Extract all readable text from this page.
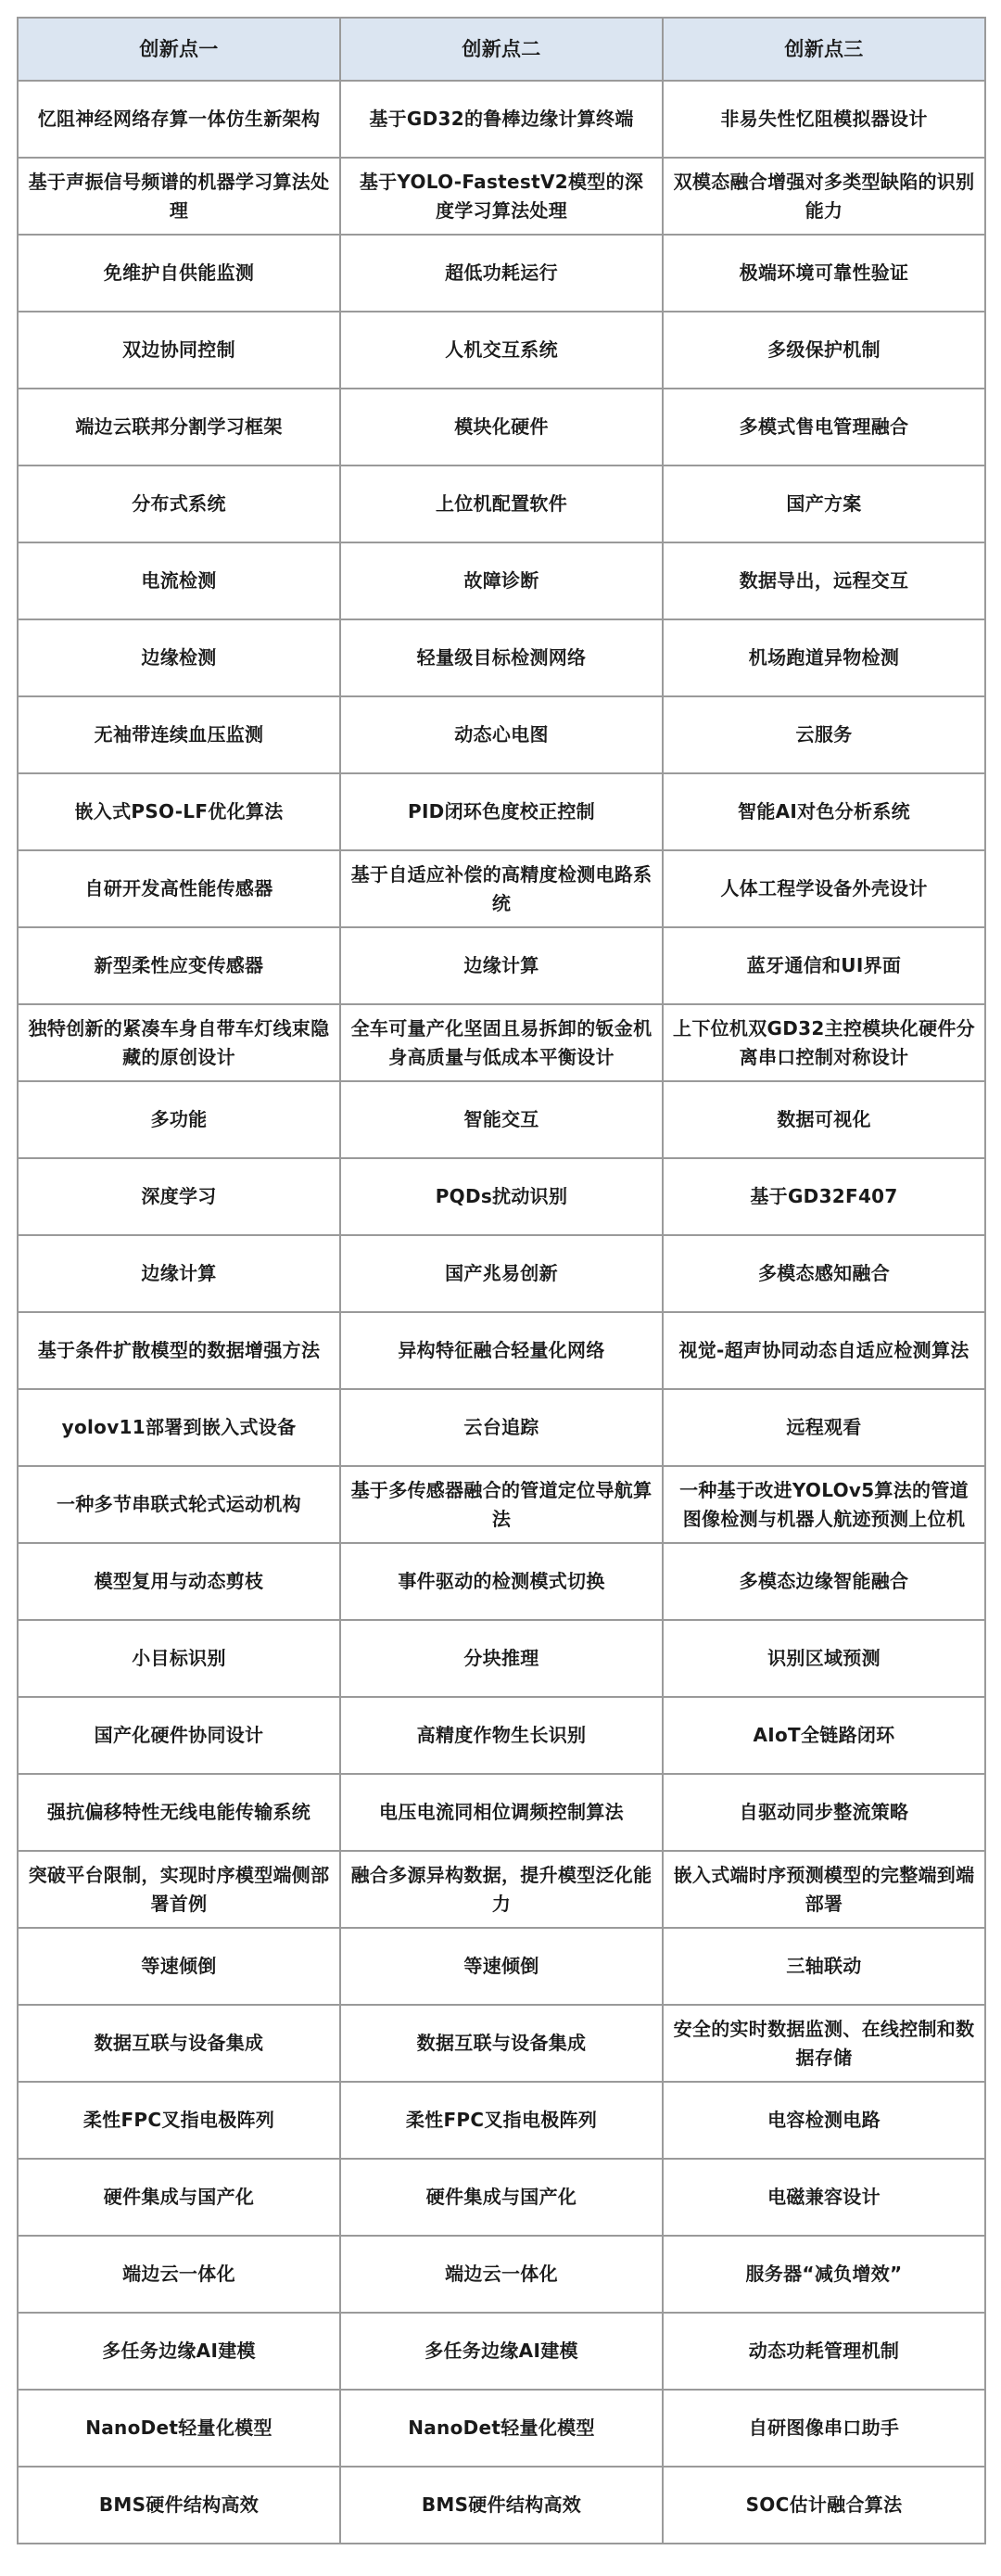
创新点一	创新点二	创新点三
忆阻神经网络存算一体仿生新架构	基于GD32的鲁棒边缘计算终端	非易失性忆阻模拟器设计
基于声振信号频谱的机器学习算法处理	基于YOLO-FastestV2模型的深度学习算法处理	双模态融合增强对多类型缺陷的识别能力
免维护自供能监测	超低功耗运行	极端环境可靠性验证
双边协同控制	人机交互系统	多级保护机制
端边云联邦分割学习框架	模块化硬件	多模式售电管理融合
分布式系统	上位机配置软件	国产方案
电流检测	故障诊断	数据导出，远程交互
边缘检测	轻量级目标检测网络	机场跑道异物检测
无袖带连续血压监测	动态心电图	云服务
嵌入式PSO-LF优化算法	PID闭环色度校正控制	智能AI对色分析系统
自研开发高性能传感器	基于自适应补偿的高精度检测电路系统	人体工程学设备外壳设计
新型柔性应变传感器	边缘计算	蓝牙通信和UI界面
独特创新的紧凑车身自带车灯线束隐藏的原创设计	全车可量产化坚固且易拆卸的钣金机身高质量与低成本平衡设计	上下位机双GD32主控模块化硬件分离串口控制对称设计
多功能	智能交互	数据可视化
深度学习	PQDs扰动识别	基于GD32F407
边缘计算	国产兆易创新	多模态感知融合
基于条件扩散模型的数据增强方法	异构特征融合轻量化网络	视觉-超声协同动态自适应检测算法
yolov11部署到嵌入式设备	云台追踪	远程观看
一种多节串联式轮式运动机构	基于多传感器融合的管道定位导航算法	一种基于改进YOLOv5算法的管道图像检测与机器人航迹预测上位机
模型复用与动态剪枝	事件驱动的检测模式切换	多模态边缘智能融合
小目标识别	分块推理	识别区域预测
国产化硬件协同设计	高精度作物生长识别	AIoT全链路闭环
强抗偏移特性无线电能传输系统	电压电流同相位调频控制算法	自驱动同步整流策略
突破平台限制，实现时序模型端侧部署首例	融合多源异构数据，提升模型泛化能力	嵌入式端时序预测模型的完整端到端部署
等速倾倒	等速倾倒	三轴联动
数据互联与设备集成	数据互联与设备集成	安全的实时数据监测、在线控制和数据存储
柔性FPC叉指电极阵列	柔性FPC叉指电极阵列	电容检测电路
硬件集成与国产化	硬件集成与国产化	电磁兼容设计
端边云一体化	端边云一体化	服务器“减负增效”
多任务边缘AI建模	多任务边缘AI建模	动态功耗管理机制
NanoDet轻量化模型	NanoDet轻量化模型	自研图像串口助手
BMS硬件结构高效	BMS硬件结构高效	SOC估计融合算法
